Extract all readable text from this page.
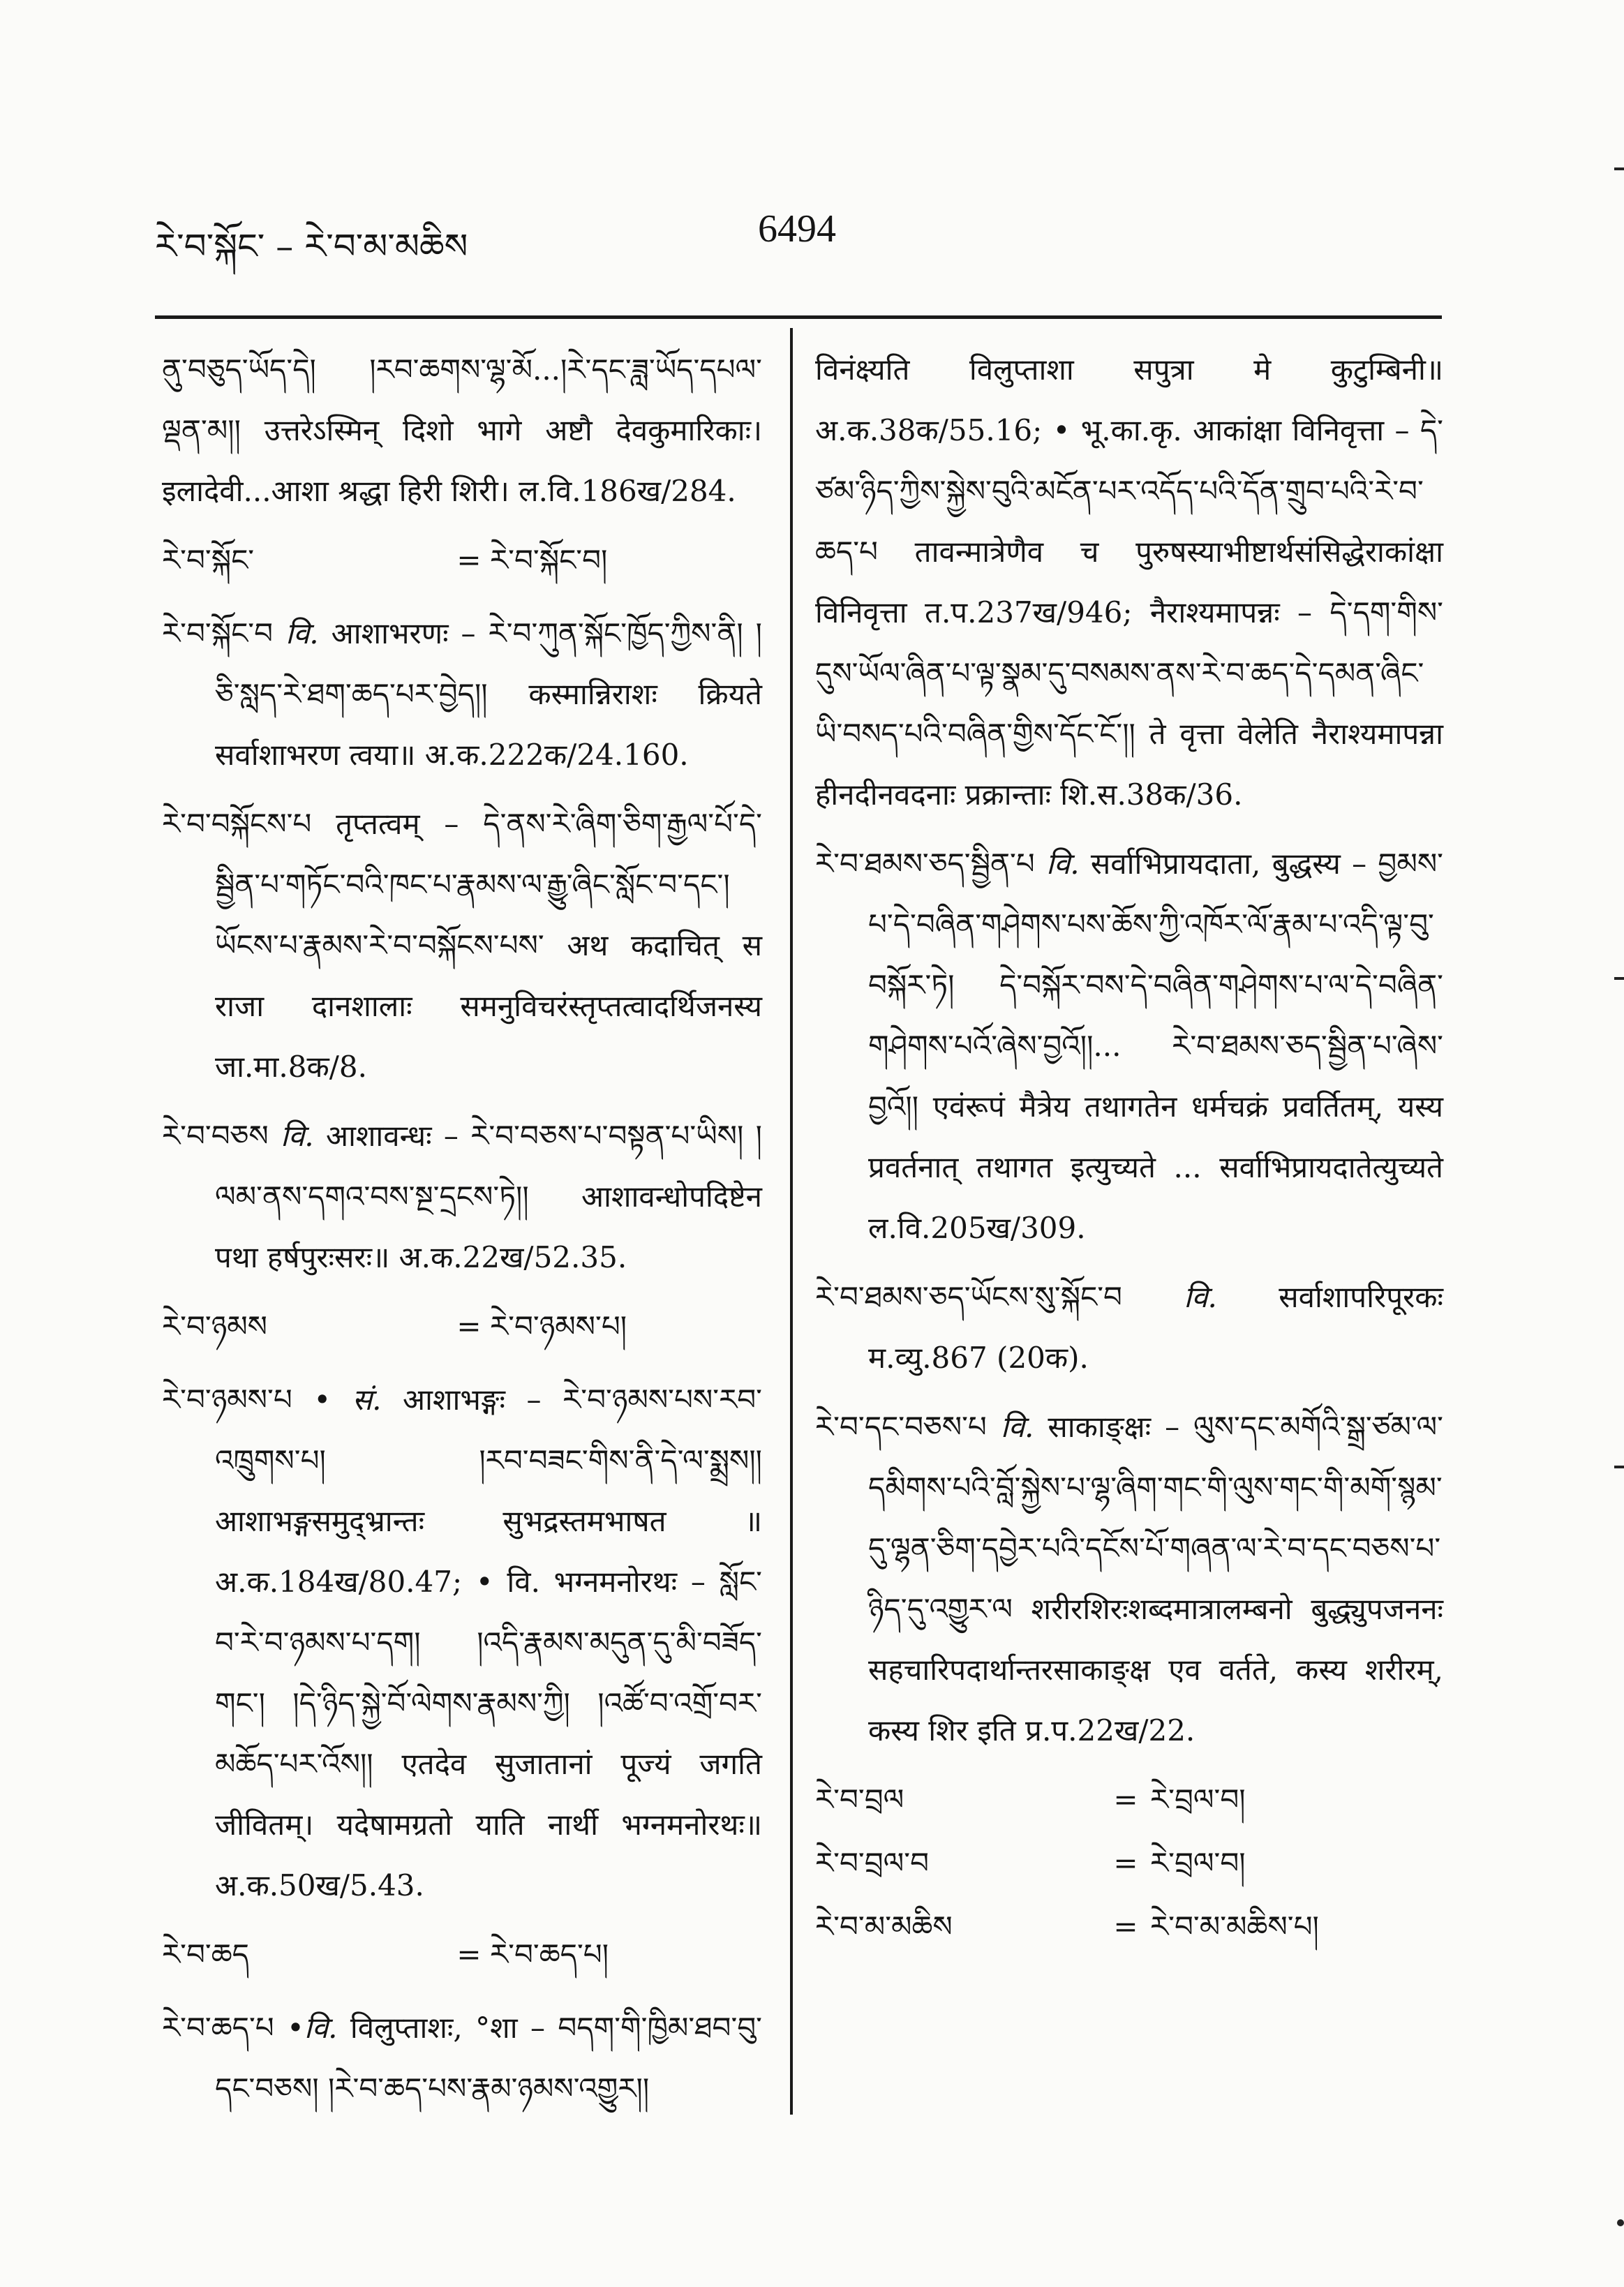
རེ་བ་སྐོང་ – རེ་བ་མ་མཆིས	6494

ནུ་བཅུད་ཡོད་དེ། །རབ་ཆགས་ལྷ་མོ...།རེ་དང་ཟླ་ཡོད་དཔལ་ལྡན་མ།། उत्तरेऽस्मिन् दिशो भागे अष्टौ देवकुमारिकाः। इलादेवी...आशा श्रद्धा हिरी शिरी। ल.वि.186ख/284.

རེ་བ་སྐོང་	= རེ་བ་སྐོང་བ།

རེ་བ་སྐོང་བ वि. आशाभरणः – རེ་བ་ཀུན་སྐོང་ཁྱོད་ཀྱིས་ནི། །ཅི་སླད་རེ་ཐག་ཆད་པར་བྱེད།། कस्मान्निराशः क्रियते सर्वाशाभरण त्वया॥ अ.क.222क/24.160.

རེ་བ་བསྐོངས་པ तृप्तत्वम् – དེ་ནས་རེ་ཞིག་ཅིག་རྒྱལ་པོ་དེ་སྦྱིན་པ་གཏོང་བའི་ཁང་པ་རྣམས་ལ་རྒྱུ་ཞིང་སློང་བ་དང་། ཡོངས་པ་རྣམས་རེ་བ་བསྐོངས་པས་ अथ कदाचित् स राजा दानशालाः समनुविचरंस्तृप्तत्वादर्थिजनस्य जा.मा.8क/8.

རེ་བ་བཅས वि. आशावन्धः – རེ་བ་བཅས་པ་བསྟན་པ་ཡིས། །ལམ་ནས་དགའ་བས་སྔ་དྲངས་ཏེ།། आशावन्धोपदिष्टेन पथा हर्षपुरःसरः॥ अ.क.22ख/52.35.

རེ་བ་ཉམས	= རེ་བ་ཉམས་པ།

རེ་བ་ཉམས་པ • सं. आशाभङ्गः – རེ་བ་ཉམས་པས་རབ་འཁྲུགས་པ། །རབ་བཟང་གིས་ནི་དེ་ལ་སྨྲས།། आशाभङ्गसमुद्भ्रान्तः सुभद्रस्तमभाषत ॥ अ.क.184ख/80.47; • वि. भग्नमनोरथः – སློང་བ་རེ་བ་ཉམས་པ་དག། །འདི་རྣམས་མདུན་དུ་མི་བཟོད་གང་། །དེ་ཉིད་སྐྱེ་བོ་ལེགས་རྣམས་ཀྱི། །འཚོ་བ་འགྲོ་བར་མཆོད་པར་འོས།། एतदेव सुजातानां पूज्यं जगति जीवितम्। यदेषामग्रतो याति नार्थी भग्नमनोरथः॥ अ.क.50ख/5.43.

རེ་བ་ཆད	= རེ་བ་ཆད་པ།

རེ་བ་ཆད་པ •वि. विलुप्ताशः, °शा – བདག་གི་ཁྱིམ་ཐབ་བུ་དང་བཅས། །རེ་བ་ཆད་པས་རྣམ་ཉམས་འགྱུར།།

विनंक्ष्यति विलुप्ताशा सपुत्रा मे कुटुम्बिनी॥ अ.क.38क/55.16; • भू.का.कृ. आकांक्षा विनिवृत्ता – དེ་ཙམ་ཉིད་ཀྱིས་སྐྱེས་བུའི་མངོན་པར་འདོད་པའི་དོན་གྲུབ་པའི་རེ་བ་ཆད་པ तावन्मात्रेणैव च पुरुषस्याभीष्टार्थसंसिद्धेराकांक्षा विनिवृत्ता त.प.237ख/946; नैराश्यमापन्नः – དེ་དག་གིས་དུས་ཡོལ་ཞིན་པ་ལྟ་སྣམ་དུ་བསམས་ནས་རེ་བ་ཆད་དེ་དམན་ཞིང་ཡི་བསད་པའི་བཞིན་གྱིས་དོང་ངོ་།། ते वृत्ता वेलेति नैराश्यमापन्ना हीनदीनवदनाः प्रक्रान्ताः शि.स.38क/36.

རེ་བ་ཐམས་ཅད་སྦྱིན་པ वि. सर्वाभिप्रायदाता, बुद्धस्य – བྱམས་པ་དེ་བཞིན་གཤེགས་པས་ཆོས་ཀྱི་འཁོར་ལོ་རྣམ་པ་འདི་ལྟ་བུ་བསྐོར་ཏེ། དེ་བསྐོར་བས་དེ་བཞིན་གཤེགས་པ་ལ་དེ་བཞིན་གཤེགས་པའོ་ཞེས་བྱའོ།།... རེ་བ་ཐམས་ཅད་སྦྱིན་པ་ཞེས་བྱའོ།། एवंरूपं मैत्रेय तथागतेन धर्मचक्रं प्रवर्तितम्, यस्य प्रवर्तनात् तथागत इत्युच्यते ... सर्वाभिप्रायदातेत्युच्यते ल.वि.205ख/309.

རེ་བ་ཐམས་ཅད་ཡོངས་སུ་སྐོང་བ वि. सर्वाशापरिपूरकः म.व्यु.867 (20क).

རེ་བ་དང་བཅས་པ वि. साकाङ्क्षः – ལུས་དང་མགོའི་སྒྲ་ཙམ་ལ་དམིགས་པའི་བློ་སྐྱེས་པ་ལྷ་ཞིག་གང་གི་ལུས་གང་གི་མགོ་སྙམ་དུ་ལྷན་ཅིག་དབྱེར་པའི་དངོས་པོ་གཞན་ལ་རེ་བ་དང་བཅས་པ་ཉིད་དུ་འགྱུར་ལ शरीरशिरःशब्दमात्रालम्बनो बुद्ध्युपजननः सहचारिपदार्थान्तरसाकाङ्क्ष एव वर्तते, कस्य शरीरम्, कस्य शिर इति प्र.प.22ख/22.

རེ་བ་བྲལ	= རེ་བྲལ་བ།
རེ་བ་བྲལ་བ	= རེ་བྲལ་བ།
རེ་བ་མ་མཆིས	= རེ་བ་མ་མཆིས་པ།
